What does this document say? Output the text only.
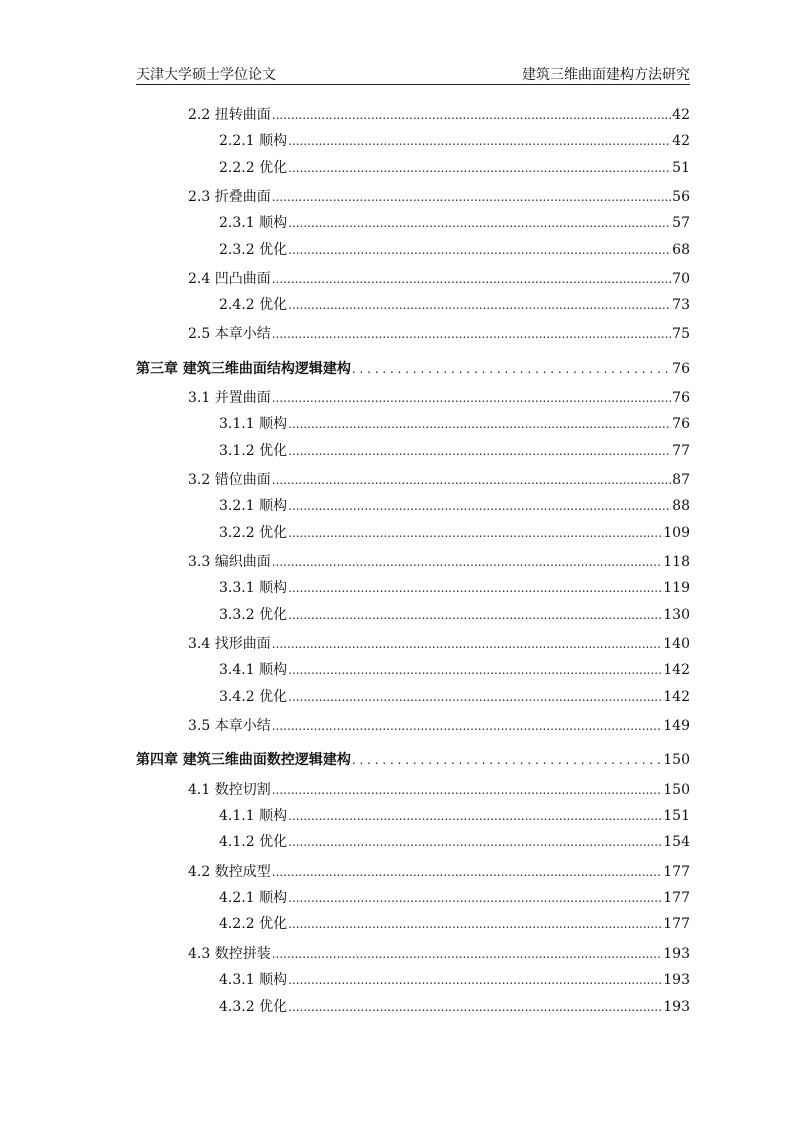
天津大学硕士学位论文	建筑三维曲面建构方法研究
2.2 扭转曲面 .....	42
2.2.1 顺构 .....	42
2.2.2 优化 .....	51
2.3 折叠曲面 .....	56
2.3.1 顺构 .....	57
2.3.2 优化 .....	68
2.4 凹凸曲面 .....	70
2.4.2 优化 .....	73
2.5 本章小结 .....	75
第三章 建筑三维曲面结构逻辑建构 . . .	76
3.1 并置曲面 .....	76
3.1.1 顺构 .....	76
3.1.2 优化 .....	77
3.2 错位曲面 .....	87
3.2.1 顺构 .....	88
3.2.2 优化 .....	109
3.3 编织曲面 .....	118
3.3.1 顺构 .....	119
3.3.2 优化 .....	130
3.4 找形曲面 .....	140
3.4.1 顺构 .....	142
3.4.2 优化 .....	142
3.5 本章小结 .....	149
第四章 建筑三维曲面数控逻辑建构 . . .	150
4.1 数控切割 .....	150
4.1.1 顺构 .....	151
4.1.2 优化 .....	154
4.2 数控成型 .....	177
4.2.1 顺构 .....	177
4.2.2 优化 .....	177
4.3 数控拼装 .....	193
4.3.1 顺构 .....	193
4.3.2 优化 .....	193
